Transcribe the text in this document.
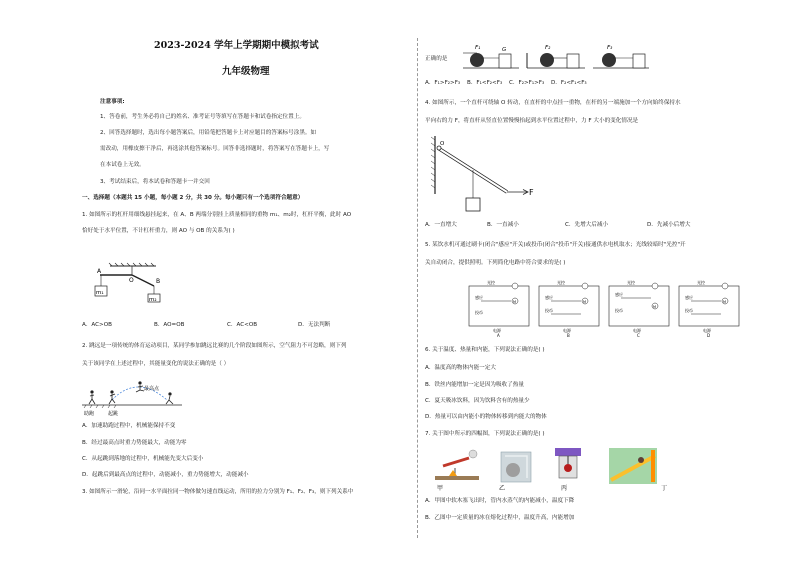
2023-2024 学年上学期期中模拟考试
九年级物理
注意事项:
1、答卷前，考生务必将自己的姓名、准考证号等填写在答题卡和试卷指定位置上。
2、回答选择题时，选出每小题答案后，用铅笔把答题卡上对应题目的答案标号涂黑。如
需改动，用橡皮擦干净后，再选涂其他答案标号。回答非选择题时，将答案写在答题卡上，写
在本试卷上无效。
3、考试结束后，将本试卷和答题卡一并交回
一、选择题（本题共 15 小题，每小题 2 分，共 30 分。每小题只有一个选项符合题意）
1. 如图所示的杠杆用细线悬挂起来，在 A、B 两端分别挂上质量相同的重物 m₁、m₂时，杠杆平衡，此时 AO
恰好处于水平位置，不计杠杆重力，则 AO 与 OB 的关系为( )
A
O	B
m₁
m₂
A．AC>OB	B．AO=OB	C．AC<OB	D．无法判断
2. 跳远是一项传统的体育运动项目，某同学参加跳远比赛的几个阶段如图所示，空气阻力不可忽略，则下列
关于该同学在上述过程中，其能量变化的说法正确的是（ ）
助跑	起跳
最高点
A．加速助跑过程中，机械能保持不变
B．经过最高点时重力势能最大，动能为零
C．从起跳到落地的过程中，机械能先变大后变小
D．起跳后到最高点的过程中，动能减小，重力势能增大，动能减小
3. 如图所示一滑轮，沿同一水平面拉同一物体做匀速直线运动，所用的拉力分别为 F₁、F₂、F₃，则下列关系中
正确的是
F₁	G	F₂	F₃
A．F₁>F₂>F₃ B．F₁<F₂<F₃ C．F₂>F₁>F₃ D．F₂<F₁<F₃
4. 如图所示，一个直杆可绕轴 O 转动，在直杆的中点挂一重物，在杆的另一端施加一个方向始终保持水
平向右的力 F，将直杆从竖直位置慢慢抬起到水平位置过程中，力 F 大小的变化情况是
O
F
A．一直增大	B．一直减小	C．先增大后减小	D．先减小后增大
5. 某饮水机可通过刷卡(闭合"感应"开关)或投币(闭合"投币"开关)接通供水电机取水；光线较暗时"光控"开
关自动闭合，提供照明。下列简化电路中符合要求的是( )
光控
感应
投币
电源
M
A
光控
感应
投币
电源
M
B
光控
感应
投币
电源
M
C
光控
感应
投币
电源
M
D
6. 关于温度、热量和内能，下列说法正确的是( )
A．温度高的物体内能一定大
B．铁丝内能增加一定是因为吸收了热量
C．夏天吸冰饮料，因为饮料含有的热量少
D．热量可以由内能小的物体转移到内能大的物体
7. 关于图中所示的四幅图，下列说法正确的是( )
甲	乙	丙	丁
A．甲图中软木塞飞出时，管内水蒸气的内能减小，温度下降
B．乙图中一定质量的冰在熔化过程中，温度升高，内能增加
